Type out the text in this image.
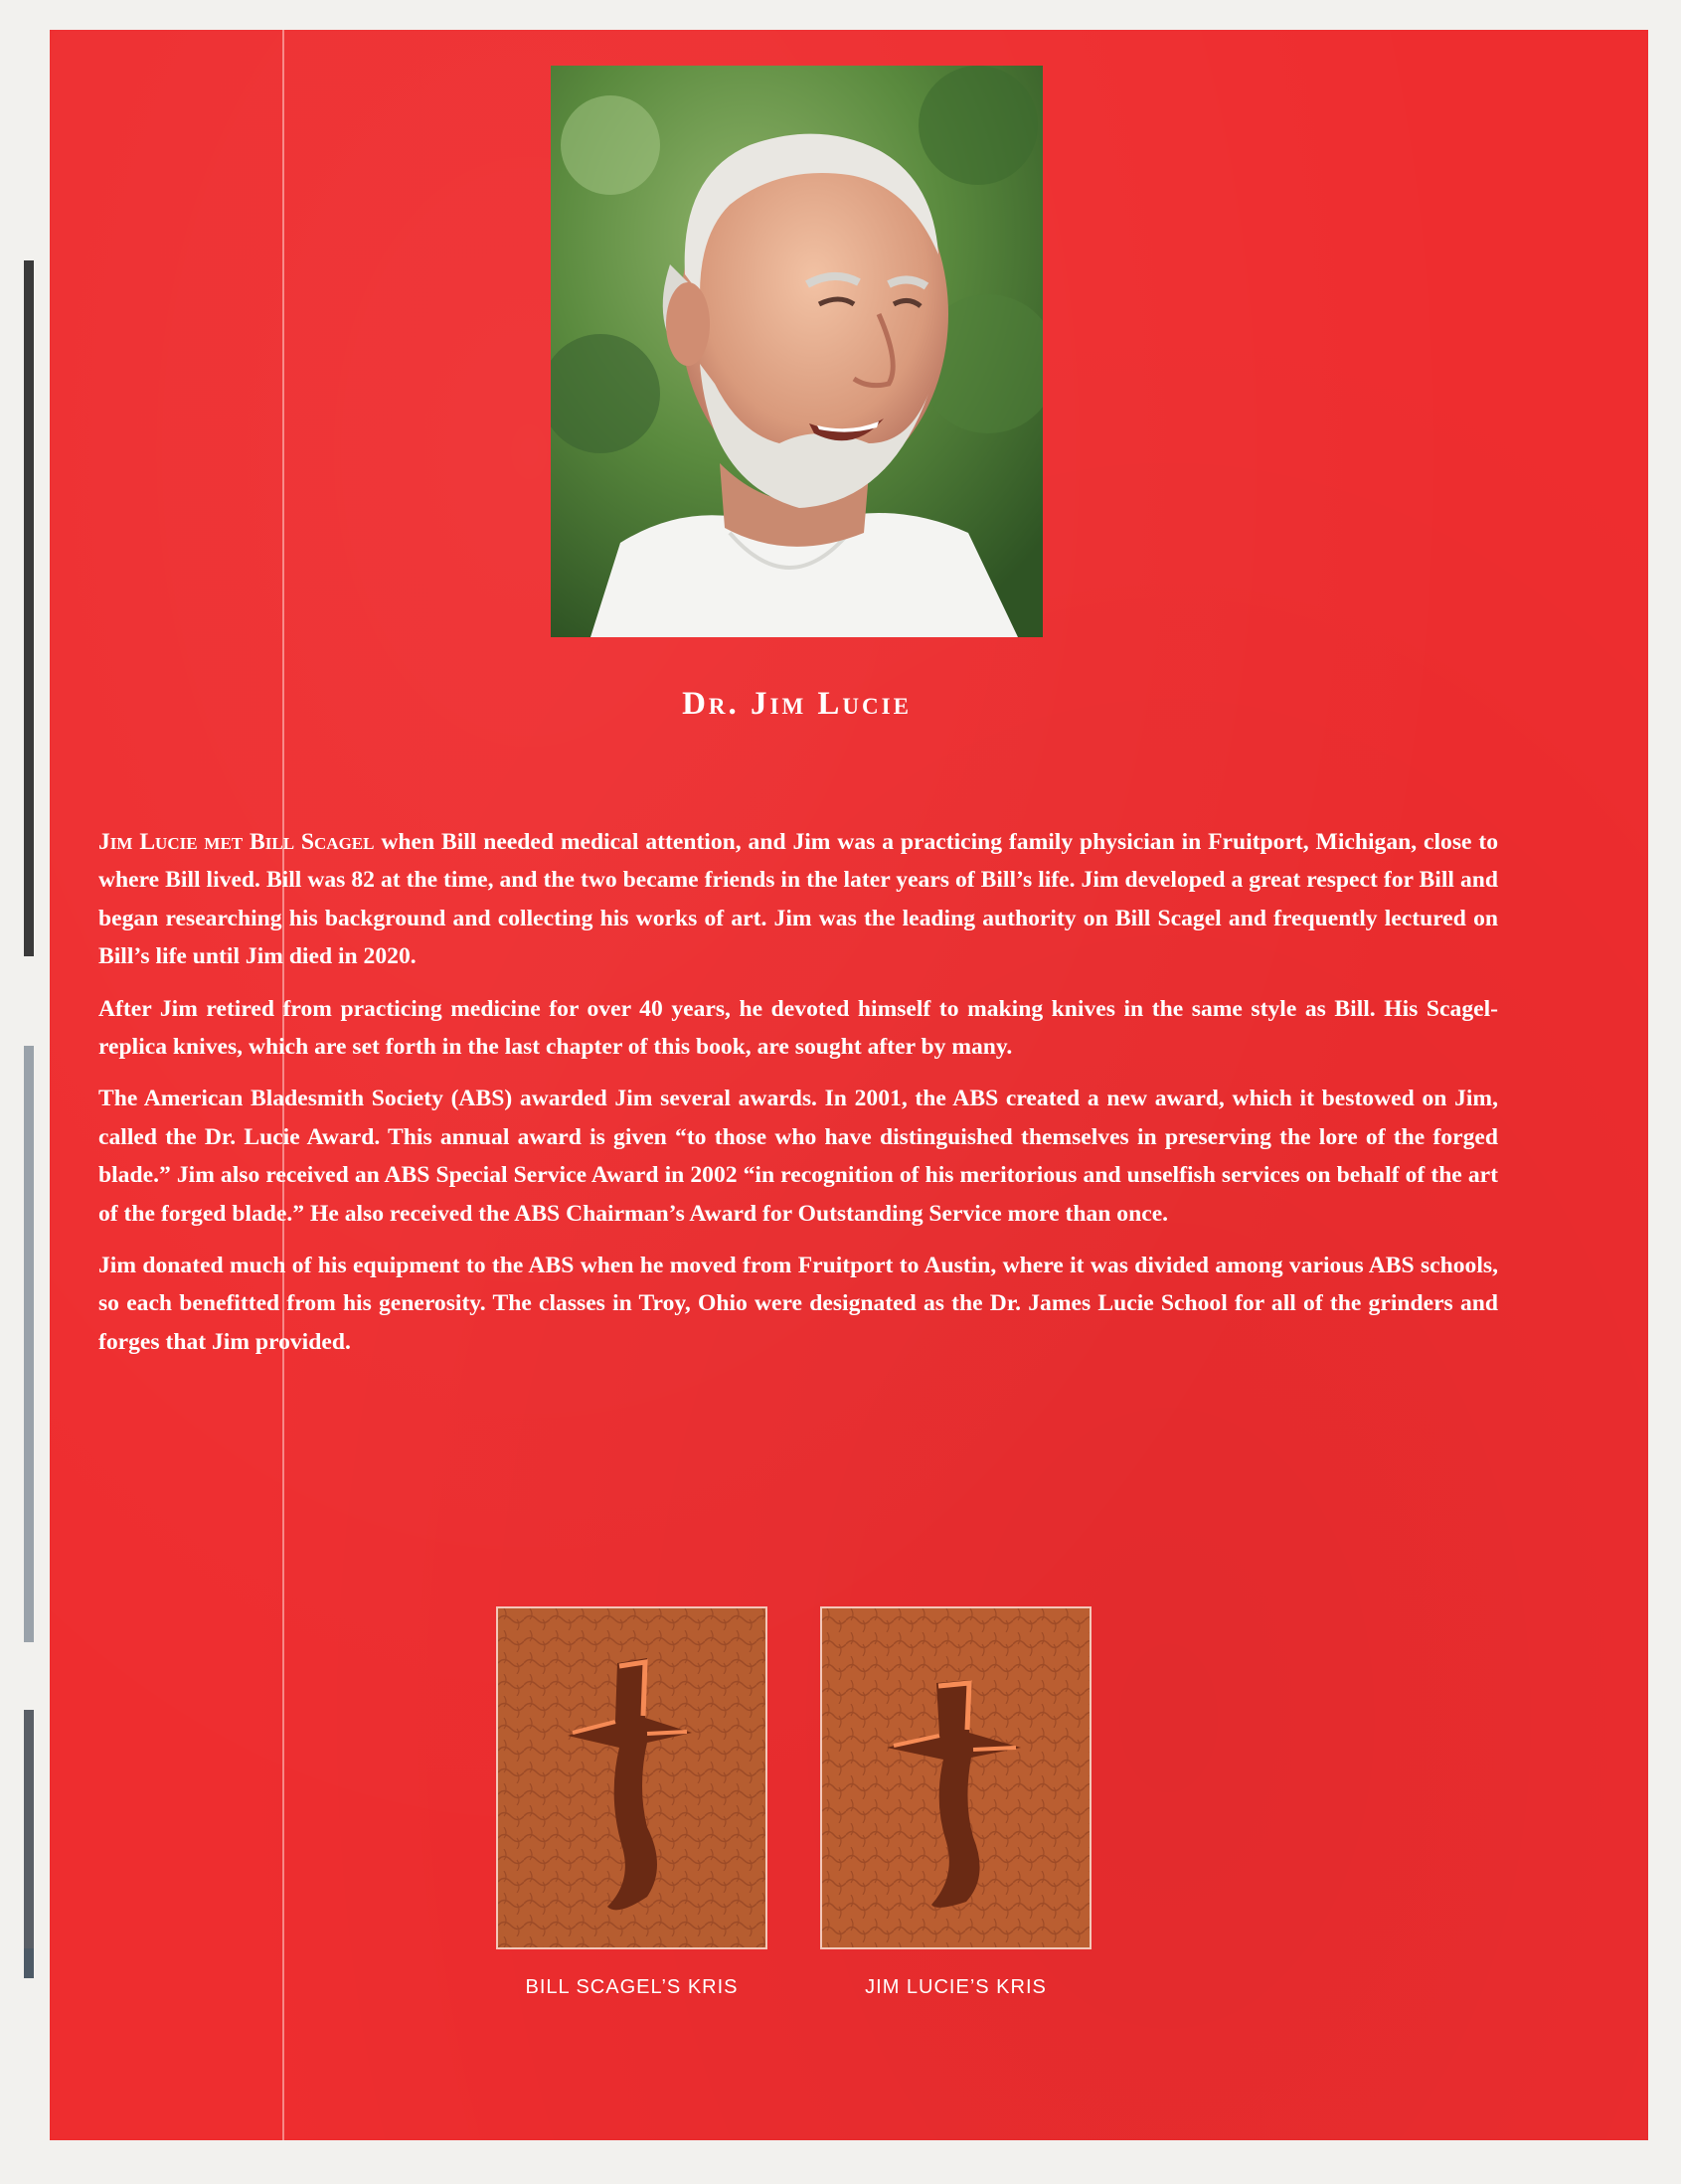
Dr. Jim Lucie

Jim Lucie met Bill Scagel when Bill needed medical attention, and Jim was a practicing family physician in Fruitport, Michigan, close to where Bill lived. Bill was 82 at the time, and the two became friends in the later years of Bill’s life. Jim developed a great respect for Bill and began researching his background and collecting his works of art. Jim was the leading authority on Bill Scagel and frequently lectured on Bill’s life until Jim died in 2020.

After Jim retired from practicing medicine for over 40 years, he devoted himself to making knives in the same style as Bill. His Scagel-replica knives, which are set forth in the last chapter of this book, are sought after by many.

The American Bladesmith Society (ABS) awarded Jim several awards. In 2001, the ABS created a new award, which it bestowed on Jim, called the Dr. Lucie Award. This annual award is given “to those who have distinguished themselves in preserving the lore of the forged blade.” Jim also received an ABS Special Service Award in 2002 “in recognition of his meritorious and unselfish services on behalf of the art of the forged blade.” He also received the ABS Chairman’s Award for Outstanding Service more than once.

Jim donated much of his equipment to the ABS when he moved from Fruitport to Austin, where it was divided among various ABS schools, so each benefitted from his generosity. The classes in Troy, Ohio were designated as the Dr. James Lucie School for all of the grinders and forges that Jim provided.

BILL SCAGEL’S KRIS	JIM LUCIE’S KRIS
